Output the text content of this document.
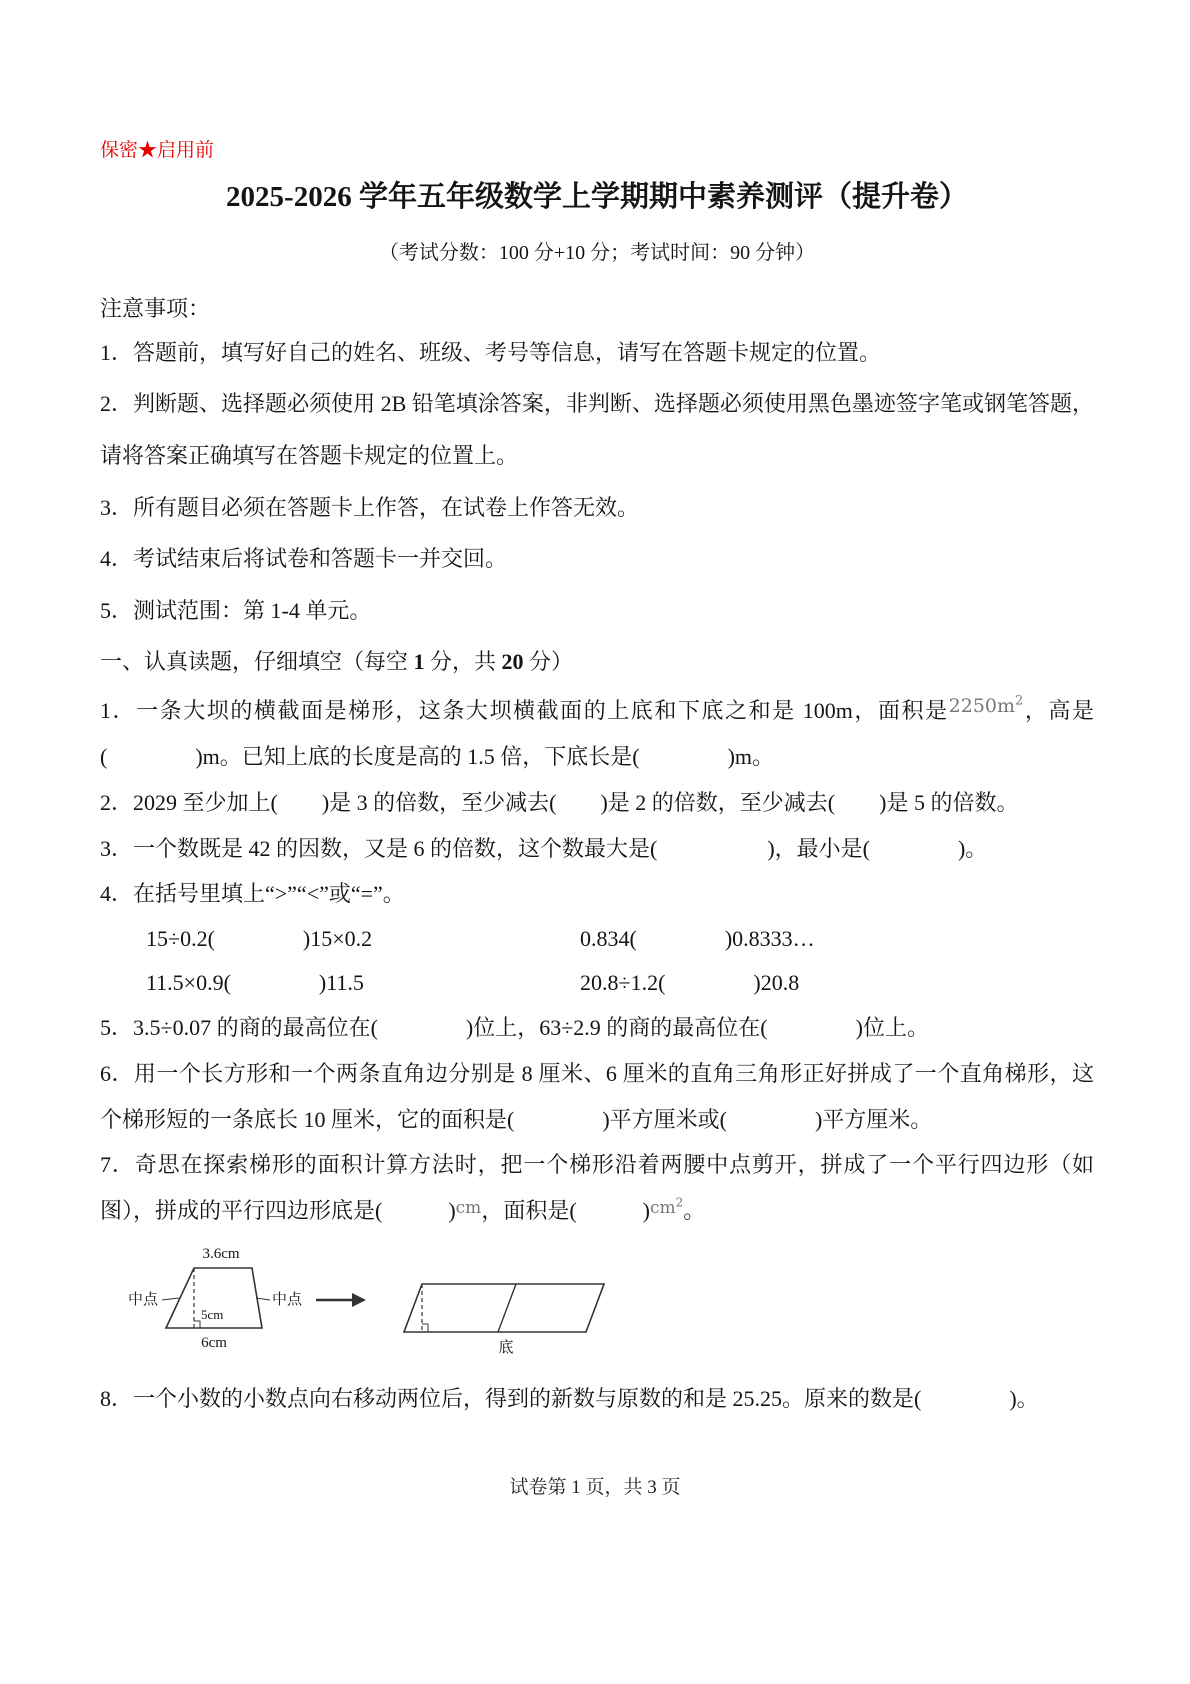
保密★启用前
2025-2026 学年五年级数学上学期期中素养测评（提升卷）
（考试分数：100 分+10 分；考试时间：90 分钟）
注意事项：

1．答题前，填写好自己的姓名、班级、考号等信息，请写在答题卡规定的位置。

2．判断题、选择题必须使用 2B 铅笔填涂答案，非判断、选择题必须使用黑色墨迹签字笔或钢笔答题，请将答案正确填写在答题卡规定的位置上。

3．所有题目必须在答题卡上作答，在试卷上作答无效。

4．考试结束后将试卷和答题卡一并交回。

5．测试范围：第 1-4 单元。

一、认真读题，仔细填空（每空 1 分，共 20 分）

1．一条大坝的横截面是梯形，这条大坝横截面的上底和下底之和是 100m，面积是$2250m^2$，高是(　　　　)m。已知上底的长度是高的 1.5 倍，下底长是(　　　　)m。

2．2029 至少加上(　　)是 3 的倍数，至少减去(　　)是 2 的倍数，至少减去(　　)是 5 的倍数。

3．一个数既是 42 的因数，又是 6 的倍数，这个数最大是(　　　　　)，最小是(　　　　)。

4．在括号里填上“>”“<”或“=”。

15÷0.2(　　　　)15×0.2	0.834(　　　　)0.8333…
11.5×0.9(　　　　)11.5	20.8÷1.2(　　　　)20.8

5．3.5÷0.07 的商的最高位在(　　　　)位上，63÷2.9 的商的最高位在(　　　　)位上。

6．用一个长方形和一个两条直角边分别是 8 厘米、6 厘米的直角三角形正好拼成了一个直角梯形，这个梯形短的一条底长 10 厘米，它的面积是(　　　　)平方厘米或(　　　　)平方厘米。

7．奇思在探索梯形的面积计算方法时，把一个梯形沿着两腰中点剪开，拼成了一个平行四边形（如图），拼成的平行四边形底是(　　　)$^{cm}$，面积是(　　　)$^{cm^2}$。

3.6cm
5cm
6cm
中点	中点
底

8．一个小数的小数点向右移动两位后，得到的新数与原数的和是 25.25。原来的数是(　　　　)。

试卷第 1 页，共 3 页
